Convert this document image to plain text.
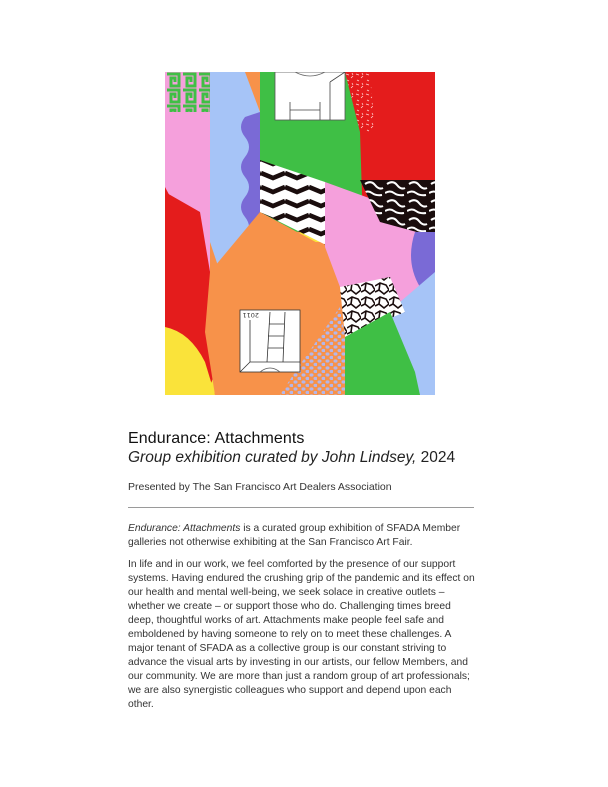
2011
Endurance: Attachments
Group exhibition curated by John Lindsey, 2024
Presented by The San Francisco Art Dealers Association

Endurance: Attachments is a curated group exhibition of SFADA Member galleries not otherwise exhibiting at the San Francisco Art Fair.

In life and in our work, we feel comforted by the presence of our support systems. Having endured the crushing grip of the pandemic and its effect on our health and mental well-being, we seek solace in creative outlets – whether we create – or support those who do. Challenging times breed deep, thoughtful works of art. Attachments make people feel safe and emboldened by having someone to rely on to meet these challenges. A major tenant of SFADA as a collective group is our constant striving to advance the visual arts by investing in our artists, our fellow Members, and our community. We are more than just a random group of art professionals; we are also synergistic colleagues who support and depend upon each other.
